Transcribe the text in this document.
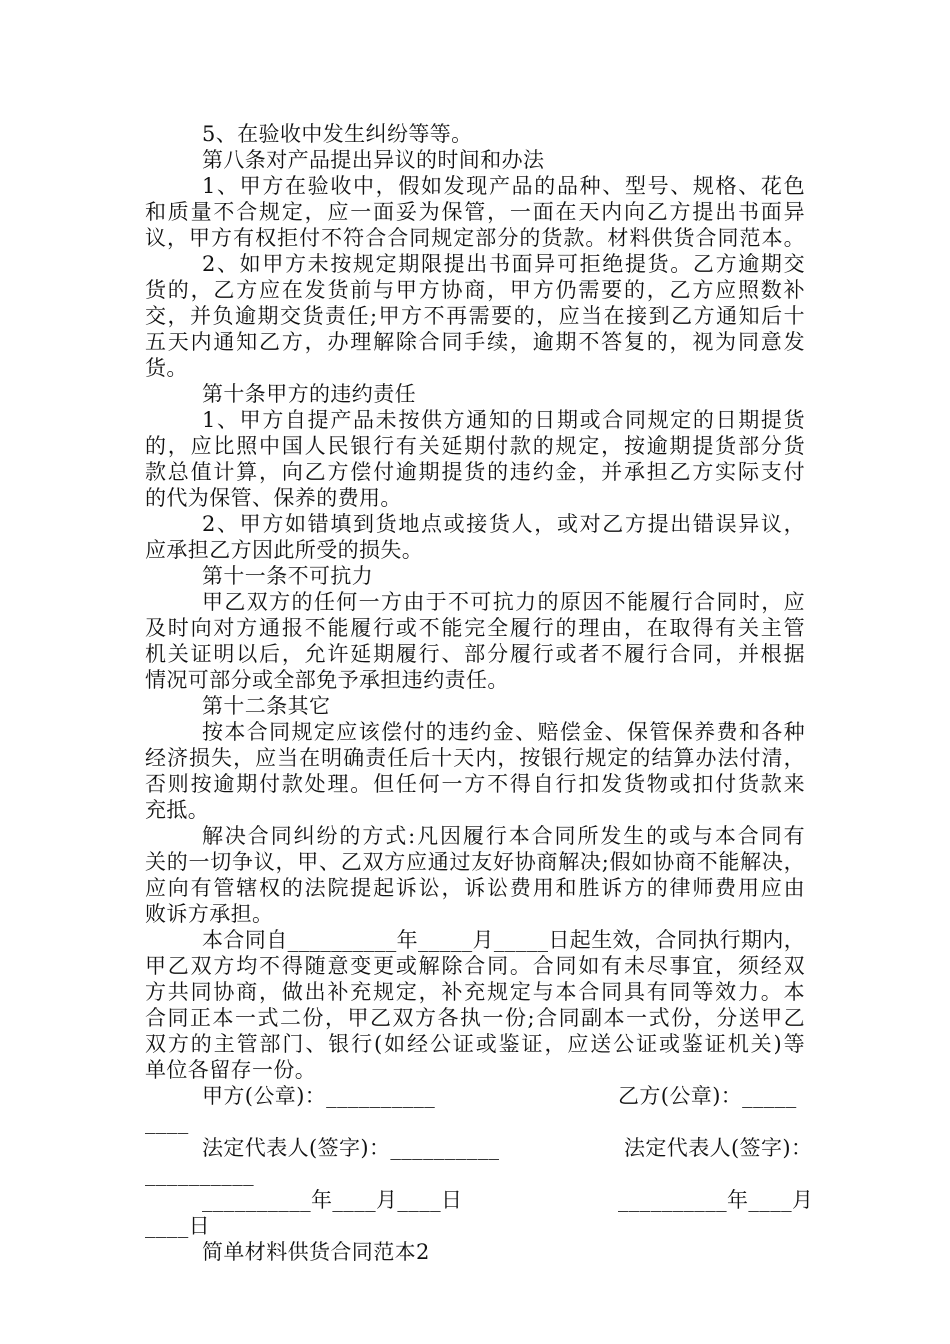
5、在验收中发生纠纷等等。
第八条对产品提出异议的时间和办法
1、甲方在验收中，假如发现产品的品种、型号、规格、花色
和质量不合规定，应一面妥为保管，一面在天内向乙方提出书面异
议，甲方有权拒付不符合合同规定部分的货款。材料供货合同范本。
2、如甲方未按规定期限提出书面异可拒绝提货。乙方逾期交
货的，乙方应在发货前与甲方协商，甲方仍需要的，乙方应照数补
交，并负逾期交货责任;甲方不再需要的，应当在接到乙方通知后十
五天内通知乙方，办理解除合同手续，逾期不答复的，视为同意发
货。
第十条甲方的违约责任
1、甲方自提产品未按供方通知的日期或合同规定的日期提货
的，应比照中国人民银行有关延期付款的规定，按逾期提货部分货
款总值计算，向乙方偿付逾期提货的违约金，并承担乙方实际支付
的代为保管、保养的费用。
2、甲方如错填到货地点或接货人，或对乙方提出错误异议，
应承担乙方因此所受的损失。
第十一条不可抗力
甲乙双方的任何一方由于不可抗力的原因不能履行合同时，应
及时向对方通报不能履行或不能完全履行的理由，在取得有关主管
机关证明以后，允许延期履行、部分履行或者不履行合同，并根据
情况可部分或全部免予承担违约责任。
第十二条其它
按本合同规定应该偿付的违约金、赔偿金、保管保养费和各种
经济损失，应当在明确责任后十天内，按银行规定的结算办法付清，
否则按逾期付款处理。但任何一方不得自行扣发货物或扣付货款来
充抵。
解决合同纠纷的方式:凡因履行本合同所发生的或与本合同有
关的一切争议，甲、乙双方应通过友好协商解决;假如协商不能解决，
应向有管辖权的法院提起诉讼，诉讼费用和胜诉方的律师费用应由
败诉方承担。
本合同自__________年_____月_____日起生效，合同执行期内，
甲乙双方均不得随意变更或解除合同。合同如有未尽事宜，须经双
方共同协商，做出补充规定，补充规定与本合同具有同等效力。本
合同正本一式二份，甲乙双方各执一份;合同副本一式份，分送甲乙
双方的主管部门、银行(如经公证或鉴证，应送公证或鉴证机关)等
单位各留存一份。
甲方(公章)：__________	乙方(公章)：_____
____
法定代表人(签字)：__________	法定代表人(签字)：
__________
__________年____月____日	__________年____月
____日
简单材料供货合同范本2
